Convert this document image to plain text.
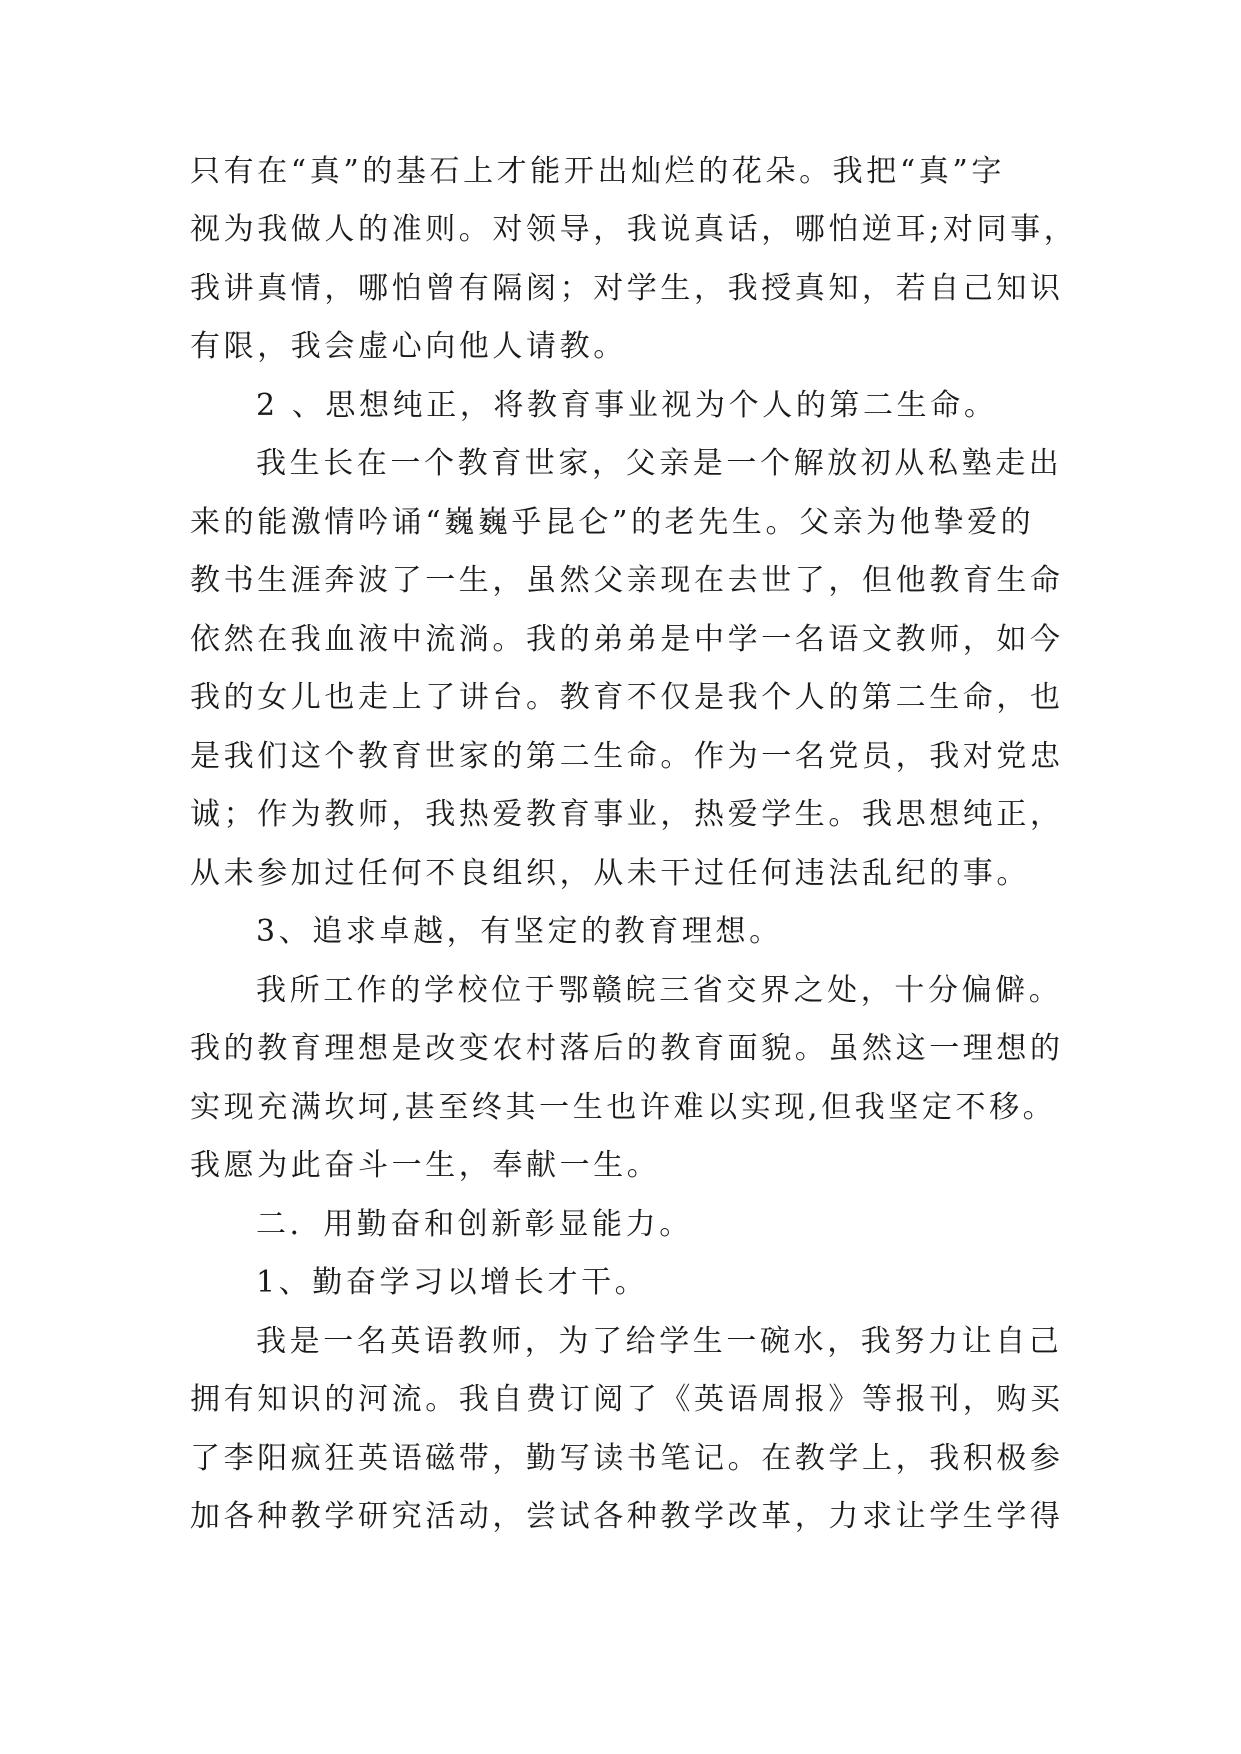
只有在“真”的基石上才能开出灿烂的花朵。我把“真”字
视为我做人的准则。对领导，我说真话，哪怕逆耳;对同事，
我讲真情，哪怕曾有隔阂；对学生，我授真知，若自己知识
有限，我会虚心向他人请教。
2 、思想纯正，将教育事业视为个人的第二生命。
我生长在一个教育世家，父亲是一个解放初从私塾走出
来的能激情吟诵“巍巍乎昆仑”的老先生。父亲为他挚爱的
教书生涯奔波了一生，虽然父亲现在去世了，但他教育生命
依然在我血液中流淌。我的弟弟是中学一名语文教师，如今
我的女儿也走上了讲台。教育不仅是我个人的第二生命，也
是我们这个教育世家的第二生命。作为一名党员，我对党忠
诚；作为教师，我热爱教育事业，热爱学生。我思想纯正，
从未参加过任何不良组织，从未干过任何违法乱纪的事。
3、追求卓越，有坚定的教育理想。
我所工作的学校位于鄂赣皖三省交界之处，十分偏僻。
我的教育理想是改变农村落后的教育面貌。虽然这一理想的
实现充满坎坷,甚至终其一生也许难以实现,但我坚定不移。
我愿为此奋斗一生，奉献一生。
二．用勤奋和创新彰显能力。
1、勤奋学习以增长才干。
我是一名英语教师，为了给学生一碗水，我努力让自己
拥有知识的河流。我自费订阅了《英语周报》等报刊，购买
了李阳疯狂英语磁带，勤写读书笔记。在教学上，我积极参
加各种教学研究活动，尝试各种教学改革，力求让学生学得
